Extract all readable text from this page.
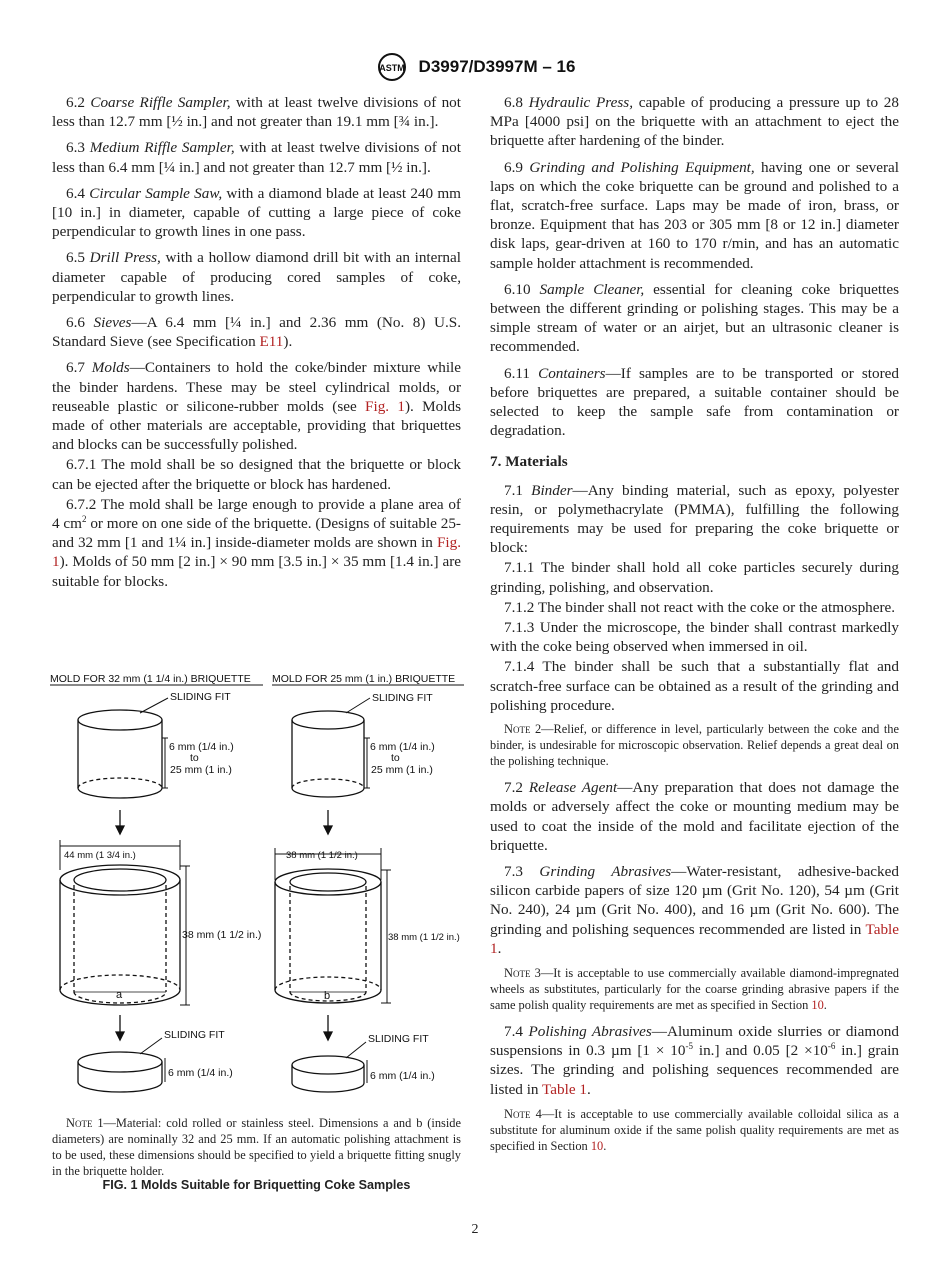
ASTM D3997/D3997M – 16

6.2 Coarse Riffle Sampler, with at least twelve divisions of not less than 12.7 mm [½ in.] and not greater than 19.1 mm [¾ in.].

6.3 Medium Riffle Sampler, with at least twelve divisions of not less than 6.4 mm [¼ in.] and not greater than 12.7 mm [½ in.].

6.4 Circular Sample Saw, with a diamond blade at least 240 mm [10 in.] in diameter, capable of cutting a large piece of coke perpendicular to growth lines in one pass.

6.5 Drill Press, with a hollow diamond drill bit with an internal diameter capable of producing cored samples of coke, perpendicular to growth lines.

6.6 Sieves—A 6.4 mm [¼ in.] and 2.36 mm (No. 8) U.S. Standard Sieve (see Specification E11).

6.7 Molds—Containers to hold the coke/binder mixture while the binder hardens. These may be steel cylindrical molds, or reuseable plastic or silicone-rubber molds (see Fig. 1). Molds made of other materials are acceptable, providing that briquettes and blocks can be successfully polished.

6.7.1 The mold shall be so designed that the briquette or block can be ejected after the briquette or block has hardened.

6.7.2 The mold shall be large enough to provide a plane area of 4 $cm^2$ or more on one side of the briquette. (Designs of suitable 25- and 32 mm [1 and 1¼ in.] inside-diameter molds are shown in Fig. 1). Molds of 50 mm [2 in.] × 90 mm [3.5 in.] × 35 mm [1.4 in.] are suitable for blocks.

MOLD FOR 32 mm (1 1/4 in.) BRIQUETTE MOLD FOR 25 mm (1 in.) BRIQUETTE
SLIDING FIT
6 mm (1/4 in.)
to
25 mm (1 in.)
44 mm (1 3/4 in.)
38 mm (1 1/2 in.)
a
SLIDING FIT
6 mm (1/4 in.)
SLIDING FIT
6 mm (1/4 in.)
to
25 mm (1 in.)
38 mm (1 1/2 in.)
38 mm (1 1/2 in.)
b
SLIDING FIT
6 mm (1/4 in.)
Note 1—Material: cold rolled or stainless steel. Dimensions a and b (inside diameters) are nominally 32 and 25 mm. If an automatic polishing attachment is to be used, these dimensions should be specified to yield a briquette fitting snugly in the briquette holder.
FIG. 1 Molds Suitable for Briquetting Coke Samples

6.8 Hydraulic Press, capable of producing a pressure up to 28 MPa [4000 psi] on the briquette with an attachment to eject the briquette after hardening of the binder.

6.9 Grinding and Polishing Equipment, having one or several laps on which the coke briquette can be ground and polished to a flat, scratch-free surface. Laps may be made of iron, brass, or bronze. Equipment that has 203 or 305 mm [8 or 12 in.] diameter disk laps, gear-driven at 160 to 170 r/min, and has an automatic sample holder attachment is recommended.

6.10 Sample Cleaner, essential for cleaning coke briquettes between the different grinding or polishing stages. This may be a simple stream of water or an airjet, but an ultrasonic cleaner is recommended.

6.11 Containers—If samples are to be transported or stored before briquettes are prepared, a suitable container should be selected to keep the sample safe from contamination or degradation.

7. Materials

7.1 Binder—Any binding material, such as epoxy, polyester resin, or polymethacrylate (PMMA), fulfilling the following requirements may be used for preparing the coke briquette or block:

7.1.1 The binder shall hold all coke particles securely during grinding, polishing, and observation.

7.1.2 The binder shall not react with the coke or the atmosphere.

7.1.3 Under the microscope, the binder shall contrast markedly with the coke being observed when immersed in oil.

7.1.4 The binder shall be such that a substantially flat and scratch-free surface can be obtained as a result of the grinding and polishing procedure.

Note 2—Relief, or difference in level, particularly between the coke and the binder, is undesirable for microscopic observation. Relief depends a great deal on the polishing technique.

7.2 Release Agent—Any preparation that does not damage the molds or adversely affect the coke or mounting medium may be used to coat the inside of the mold and facilitate ejection of the briquette.

7.3 Grinding Abrasives—Water-resistant, adhesive-backed silicon carbide papers of size 120 µm (Grit No. 120), 54 µm (Grit No. 240), 24 µm (Grit No. 400), and 16 µm (Grit No. 600). The grinding and polishing sequences recommended are listed in Table 1.

Note 3—It is acceptable to use commercially available diamond-impregnated wheels as substitutes, particularly for the coarse grinding abrasive papers if the same polish quality requirements are met as specified in Section 10.

7.4 Polishing Abrasives—Aluminum oxide slurries or diamond suspensions in 0.3 µm [$1 \times 10^{-5}$ in.] and 0.05 [$2 \times 10^{-6}$ in.] grain sizes. The grinding and polishing sequences recommended are listed in Table 1.

Note 4—It is acceptable to use commercially available colloidal silica as a substitute for aluminum oxide if the same polish quality requirements are met as specified in Section 10.

2
